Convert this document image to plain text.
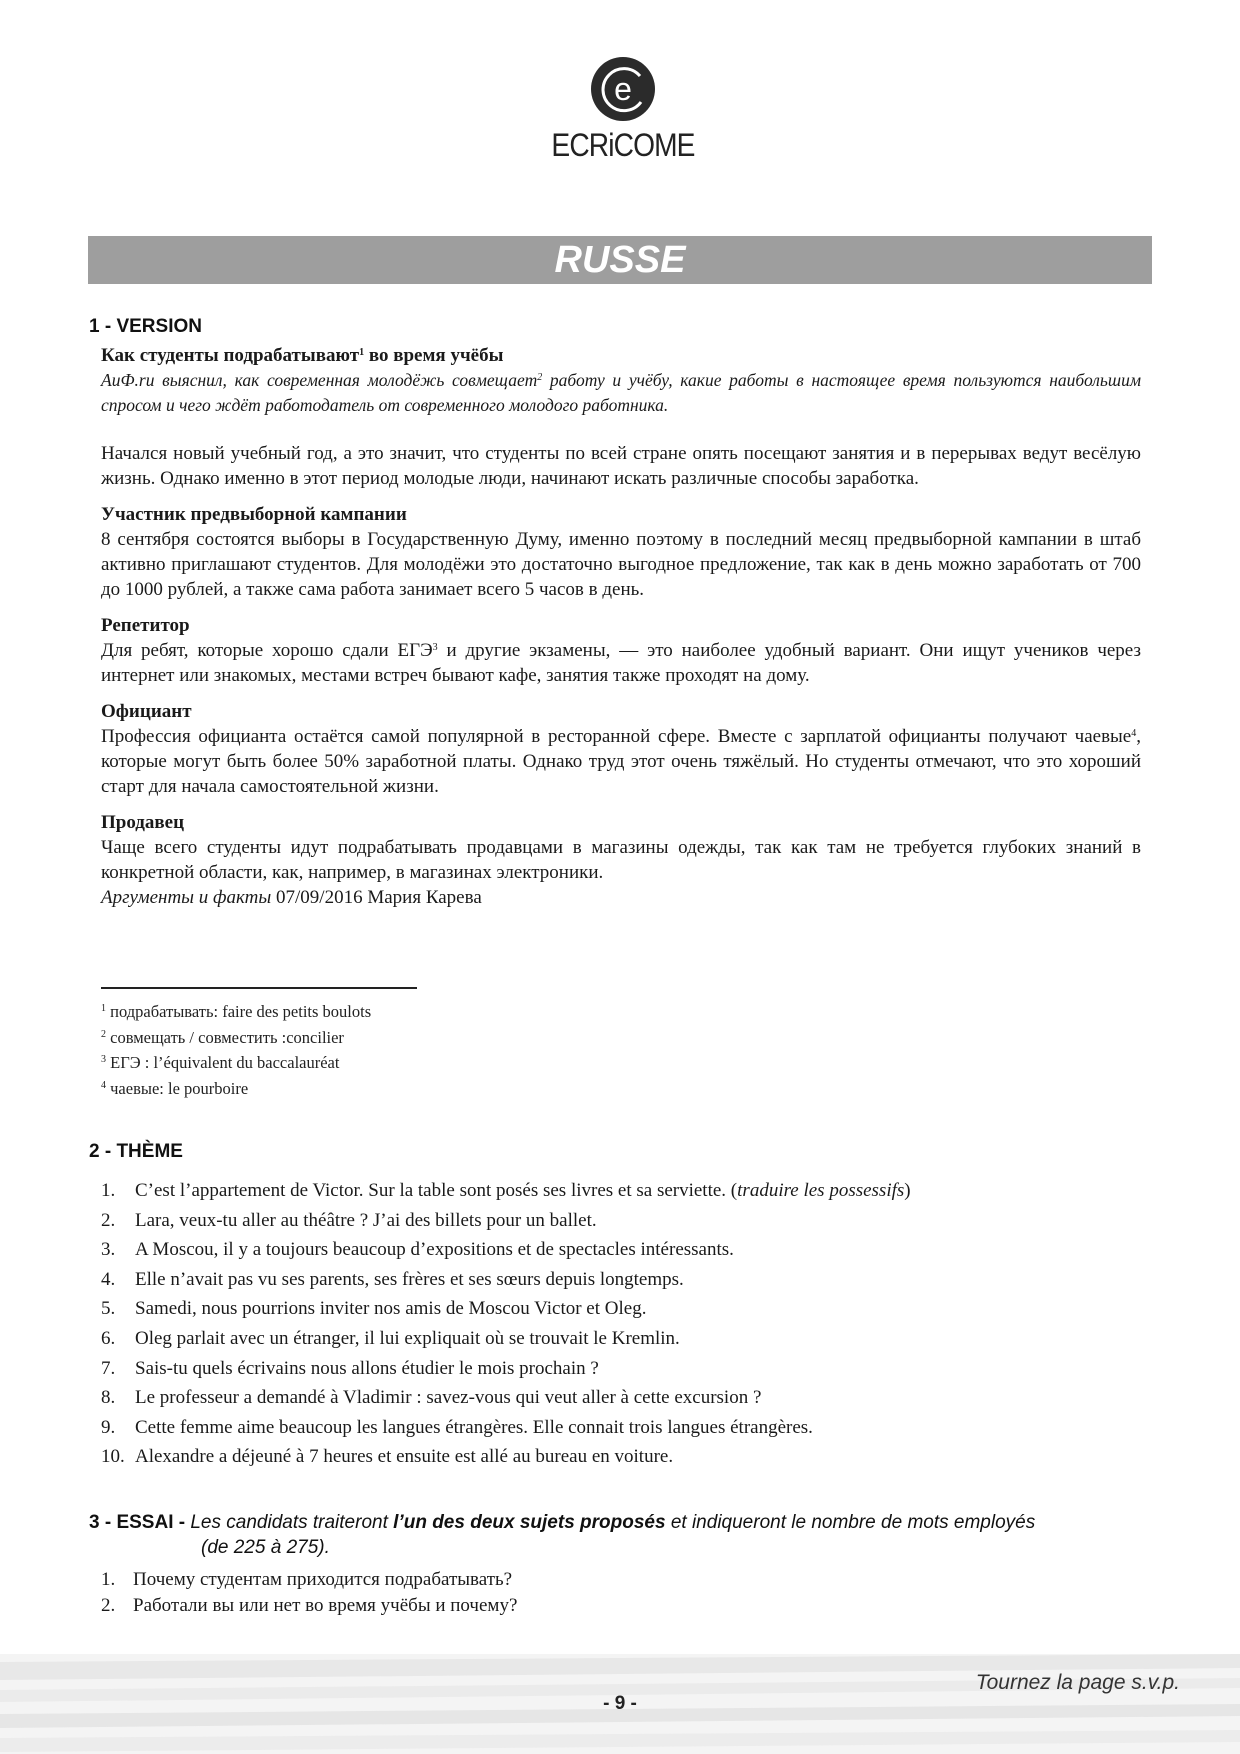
e
ECRiCOME
RUSSE
1 - VERSION

Как студенты подрабатывают$^1$ во время учёбы

АиФ.ru выяснил, как современная молодёжь совмещает$^2$ работу и учёбу, какие работы в настоящее время пользуются наибольшим спросом и чего ждёт работодатель от современного молодого работника.

Начался новый учебный год, а это значит, что студенты по всей стране опять посещают занятия и в перерывах ведут весёлую жизнь. Однако именно в этот период молодые люди, начинают искать различные способы заработка.

Участник предвыборной кампании

8 сентября состоятся выборы в Государственную Думу, именно поэтому в последний месяц предвыборной кампании в штаб активно приглашают студентов. Для молодёжи это достаточно выгодное предложение, так как в день можно заработать от 700 до 1000 рублей, а также сама работа занимает всего 5 часов в день.

Репетитор

Для ребят, которые хорошо сдали ЕГЭ$^3$ и другие экзамены, — это наиболее удобный вариант. Они ищут учеников через интернет или знакомых, местами встреч бывают кафе, занятия также проходят на дому.

Официант

Профессия официанта остаётся самой популярной в ресторанной сфере. Вместе с зарплатой официанты получают чаевые$^4$, которые могут быть более 50% заработной платы. Однако труд этот очень тяжёлый. Но студенты отмечают, что это хороший старт для начала самостоятельной жизни.

Продавец

Чаще всего студенты идут подрабатывать продавцами в магазины одежды, так как там не требуется глубоких знаний в конкретной области, как, например, в магазинах электроники.

Аргументы и факты 07/09/2016 Мария Карева

$^1$ подрабатывать: faire des petits boulots
$^2$ совмещать / совместить :concilier
$^3$ ЕГЭ : l’équivalent du baccalauréat
$^4$ чаевые: le pourboire
2 - THÈME
1.	C’est l’appartement de Victor. Sur la table sont posés ses livres et sa serviette. (traduire les possessifs)
2.	Lara, veux-tu aller au théâtre ? J’ai des billets pour un ballet.
3.	A Moscou, il y a toujours beaucoup d’expositions et de spectacles intéressants.
4.	Elle n’avait pas vu ses parents, ses frères et ses sœurs depuis longtemps.
5.	Samedi, nous pourrions inviter nos amis de Moscou Victor et Oleg.
6.	Oleg parlait avec un étranger, il lui expliquait où se trouvait le Kremlin.
7.	Sais-tu quels écrivains nous allons étudier le mois prochain ?
8.	Le professeur a demandé à Vladimir : savez-vous qui veut aller à cette excursion ?
9.	Cette femme aime beaucoup les langues étrangères. Elle connait trois langues étrangères.
10. Alexandre a déjeuné à 7 heures et ensuite est allé au bureau en voiture.
3 - ESSAI - Les candidats traiteront l’un des deux sujets proposés et indiqueront le nombre de mots employés
(de 225 à 275).
1. Почему студентам приходится подрабатывать?
2. Работали вы или нет во время учёбы и почему?
Tournez la page s.v.p.
- 9 -
